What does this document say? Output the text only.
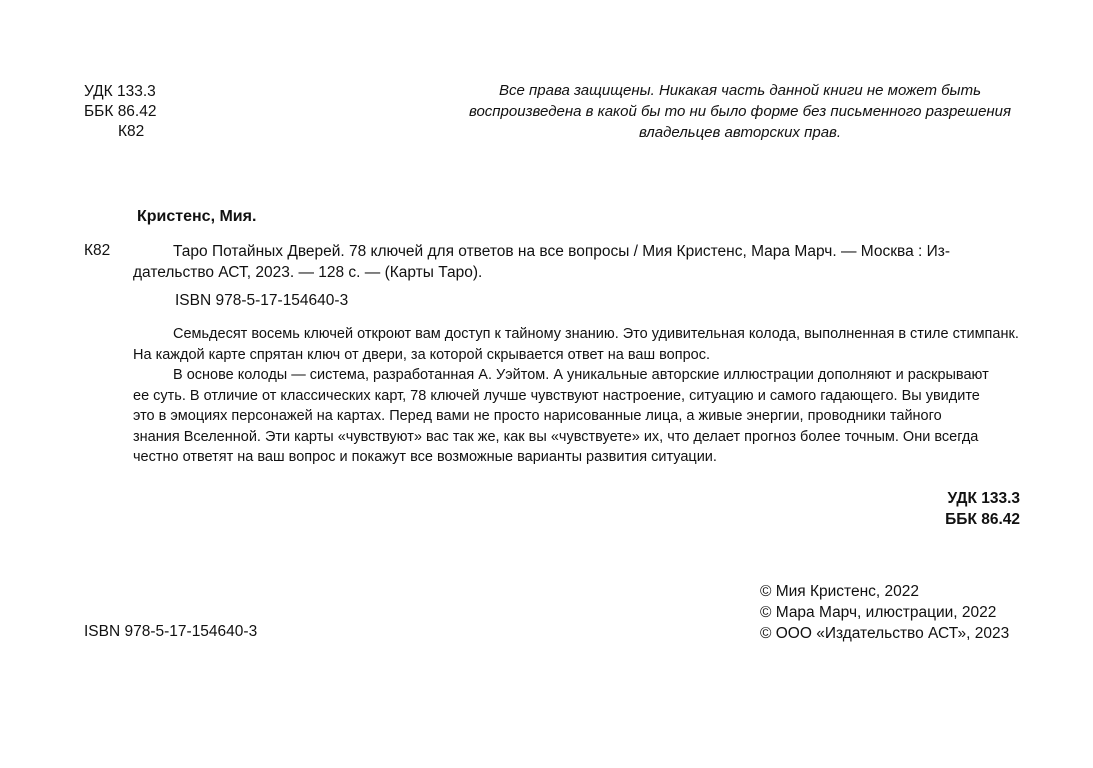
УДК 133.3
ББК 86.42
К82
Все права защищены. Никакая часть данной книги не может быть
воспроизведена в какой бы то ни было форме без письменного разрешения
владельцев авторских прав.
Кристенс, Мия.
К82	Таро Потайных Дверей. 78 ключей для ответов на все вопросы / Мия Кристенс, Мара Марч. — Москва : Из-
дательство АСТ, 2023. — 128 с. — (Карты Таро).
ISBN 978-5-17-154640-3

Семьдесят восемь ключей откроют вам доступ к тайному знанию. Это удивительная колода, выполненная в стиле стимпанк.

На каждой карте спрятан ключ от двери, за которой скрывается ответ на ваш вопрос.

В основе колоды — система, разработанная А. Уэйтом. А уникальные авторские иллюстрации дополняют и раскрывают

ее суть. В отличие от классических карт, 78 ключей лучше чувствуют настроение, ситуацию и самого гадающего. Вы увидите

это в эмоциях персонажей на картах. Перед вами не просто нарисованные лица, а живые энергии, проводники тайного

знания Вселенной. Эти карты «чувствуют» вас так же, как вы «чувствуете» их, что делает прогноз более точным. Они всегда

честно ответят на ваш вопрос и покажут все возможные варианты развития ситуации.

УДК 133.3
ББК 86.42
ISBN 978-5-17-154640-3
© Мия Кристенс, 2022
© Мара Марч, илюстрации, 2022
© ООО «Издательство АСТ», 2023
